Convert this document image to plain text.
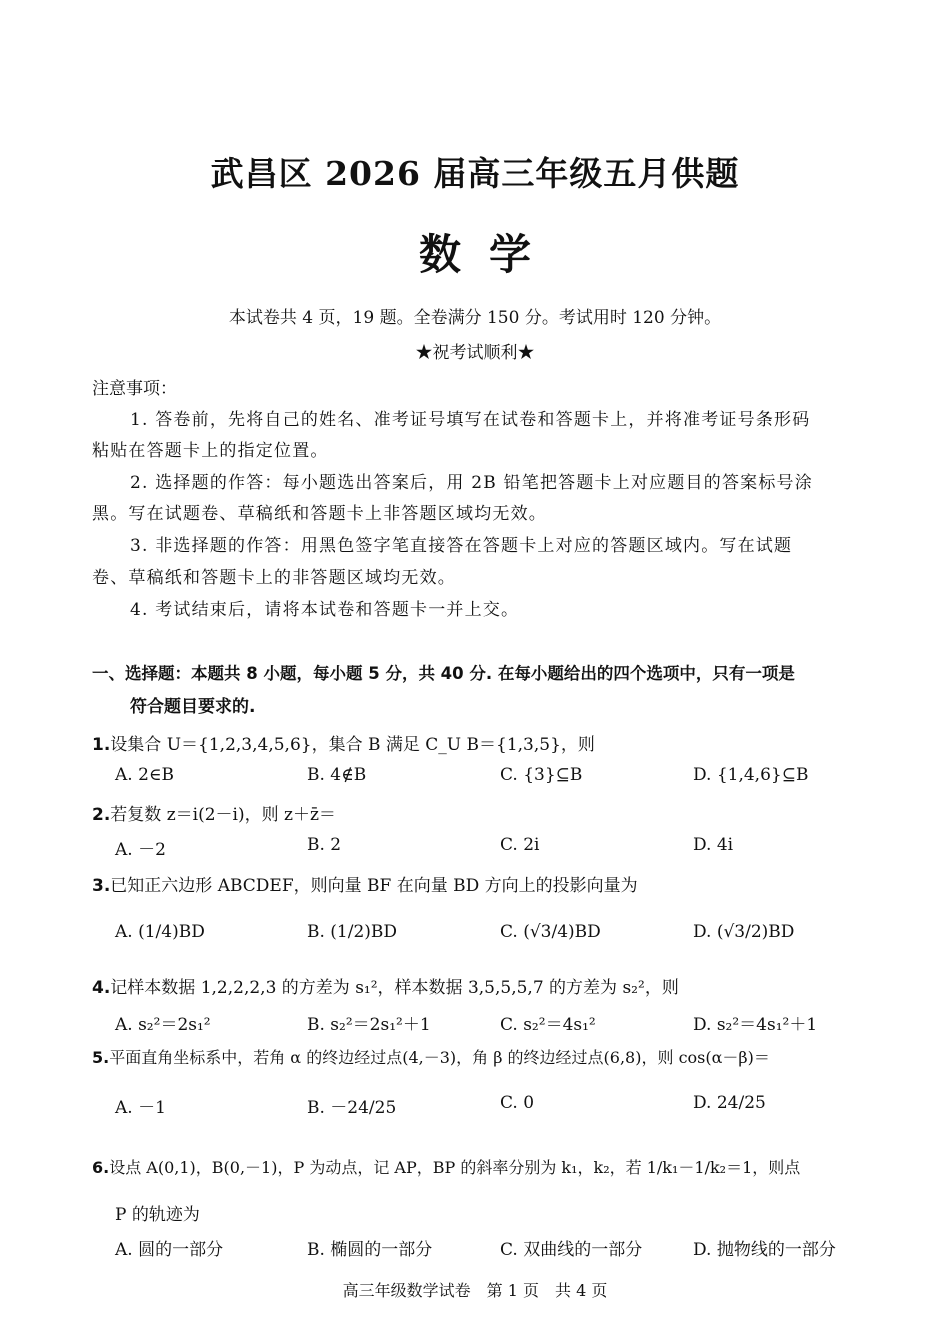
武昌区 2026 届高三年级五月供题
数学
本试卷共 4 页，19 题。全卷满分 150 分。考试用时 120 分钟。
★祝考试顺利★
注意事项：
1. 答卷前，先将自己的姓名、准考证号填写在试卷和答题卡上，并将准考证号条形码
粘贴在答题卡上的指定位置。
2. 选择题的作答：每小题选出答案后，用 2B 铅笔把答题卡上对应题目的答案标号涂
黑。写在试题卷、草稿纸和答题卡上非答题区域均无效。
3. 非选择题的作答：用黑色签字笔直接答在答题卡上对应的答题区域内。写在试题
卷、草稿纸和答题卡上的非答题区域均无效。
4. 考试结束后，请将本试卷和答题卡一并上交。
一、选择题：本题共 8 小题，每小题 5 分，共 40 分. 在每小题给出的四个选项中，只有一项是
符合题目要求的.
1.设集合 U＝{1,2,3,4,5,6}，集合 B 满足 C_U B＝{1,3,5}，则
A. 2∈B	B. 4∉B	C. {3}⊆B	D. {1,4,6}⊆B
2.若复数 z＝i(2－i)，则 z＋z̄＝
A. －2	B. 2	C. 2i	D. 4i
3.已知正六边形 ABCDEF，则向量 BF 在向量 BD 方向上的投影向量为
A. (1/4)BD	B. (1/2)BD	C. (√3/4)BD	D. (√3/2)BD
4.记样本数据 1,2,2,2,3 的方差为 s₁²，样本数据 3,5,5,5,7 的方差为 s₂²，则
A. s₂²＝2s₁²	B. s₂²＝2s₁²＋1	C. s₂²＝4s₁²	D. s₂²＝4s₁²＋1
5.平面直角坐标系中，若角 α 的终边经过点(4,－3)，角 β 的终边经过点(6,8)，则 cos(α－β)＝
A. －1	B. －24/25	C. 0	D. 24/25
6.设点 A(0,1)，B(0,－1)，P 为动点，记 AP，BP 的斜率分别为 k₁，k₂，若 1/k₁－1/k₂＝1，则点
P 的轨迹为
A. 圆的一部分	B. 椭圆的一部分	C. 双曲线的一部分	D. 抛物线的一部分
高三年级数学试卷　第 1 页　共 4 页
